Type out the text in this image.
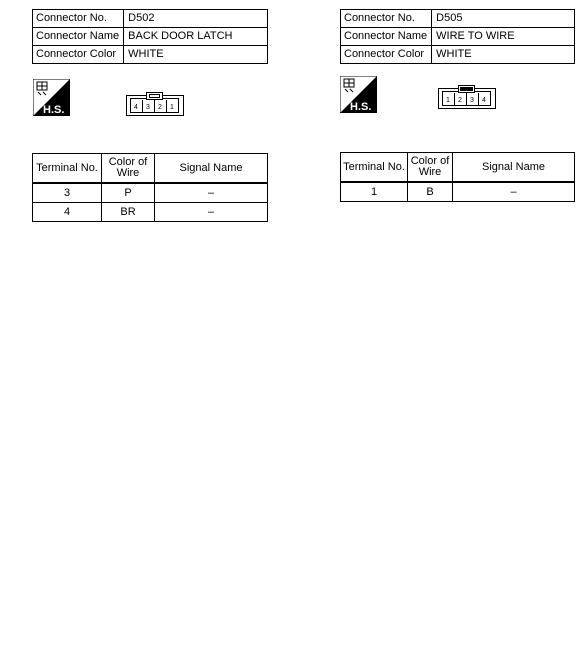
Connector No.	D502
Connector Name	BACK DOOR LATCH
Connector Color	WHITE
H.S.	4 3 2 1
Terminal No.	Color of Wire	Signal Name
3	P	–
4	BR	–
Connector No.	D505
Connector Name	WIRE TO WIRE
Connector Color	WHITE
H.S.
1 2 3 4
Terminal No.	Color of Wire	Signal Name
1	B	–
